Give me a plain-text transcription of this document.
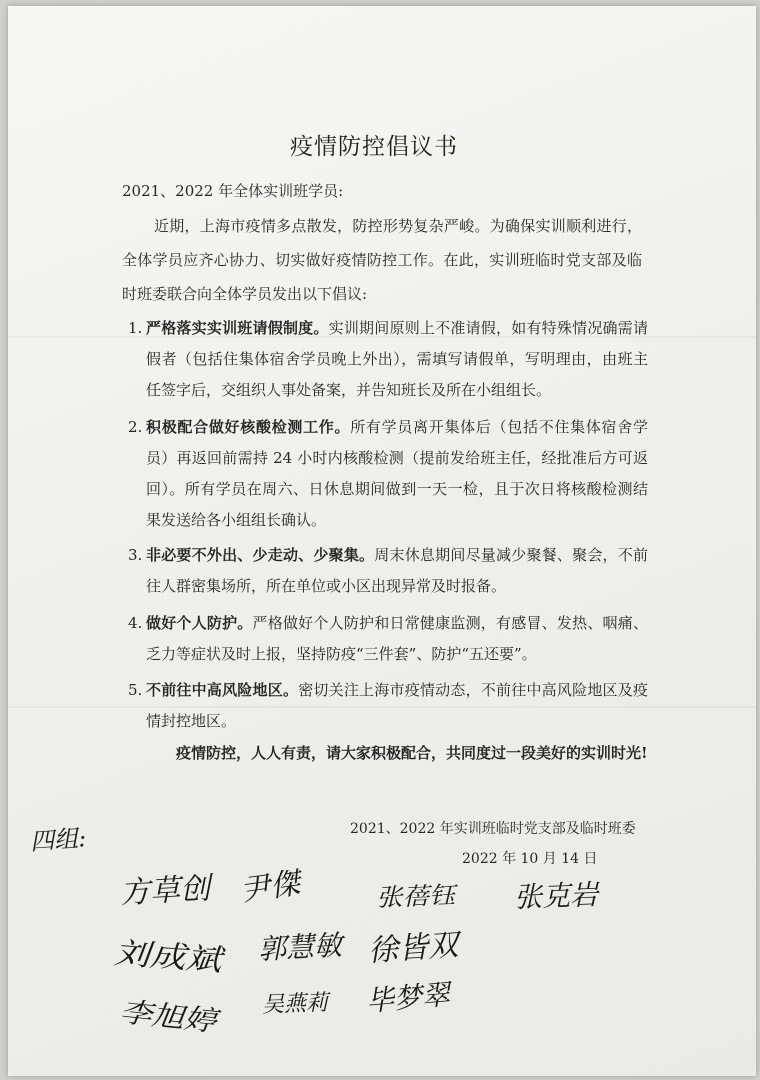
疫情防控倡议书
2021、2022 年全体实训班学员:
近期，上海市疫情多点散发，防控形势复杂严峻。为确保实训顺利进行，全体学员应齐心协力、切实做好疫情防控工作。在此，实训班临时党支部及临时班委联合向全体学员发出以下倡议:
1. 严格落实实训班请假制度。实训期间原则上不准请假，如有特殊情况确需请假者（包括住集体宿舍学员晚上外出），需填写请假单，写明理由，由班主任签字后，交组织人事处备案，并告知班长及所在小组组长。
2. 积极配合做好核酸检测工作。所有学员离开集体后（包括不住集体宿舍学员）再返回前需持 24 小时内核酸检测（提前发给班主任，经批准后方可返回）。所有学员在周六、日休息期间做到一天一检，且于次日将核酸检测结果发送给各小组组长确认。
3. 非必要不外出、少走动、少聚集。周末休息期间尽量减少聚餐、聚会，不前往人群密集场所，所在单位或小区出现异常及时报备。
4. 做好个人防护。严格做好个人防护和日常健康监测，有感冒、发热、咽痛、乏力等症状及时上报，坚持防疫“三件套”、防护“五还要”。
5. 不前往中高风险地区。密切关注上海市疫情动态，不前往中高风险地区及疫情封控地区。
疫情防控，人人有责，请大家积极配合，共同度过一段美好的实训时光!
2021、2022 年实训班临时党支部及临时班委
2022 年 10 月 14 日
四组:
方草创 尹傑	张蓓钰 张克岩
刘成斌 郭慧敏 徐皆双
李旭婷 吴燕莉 毕梦翠
